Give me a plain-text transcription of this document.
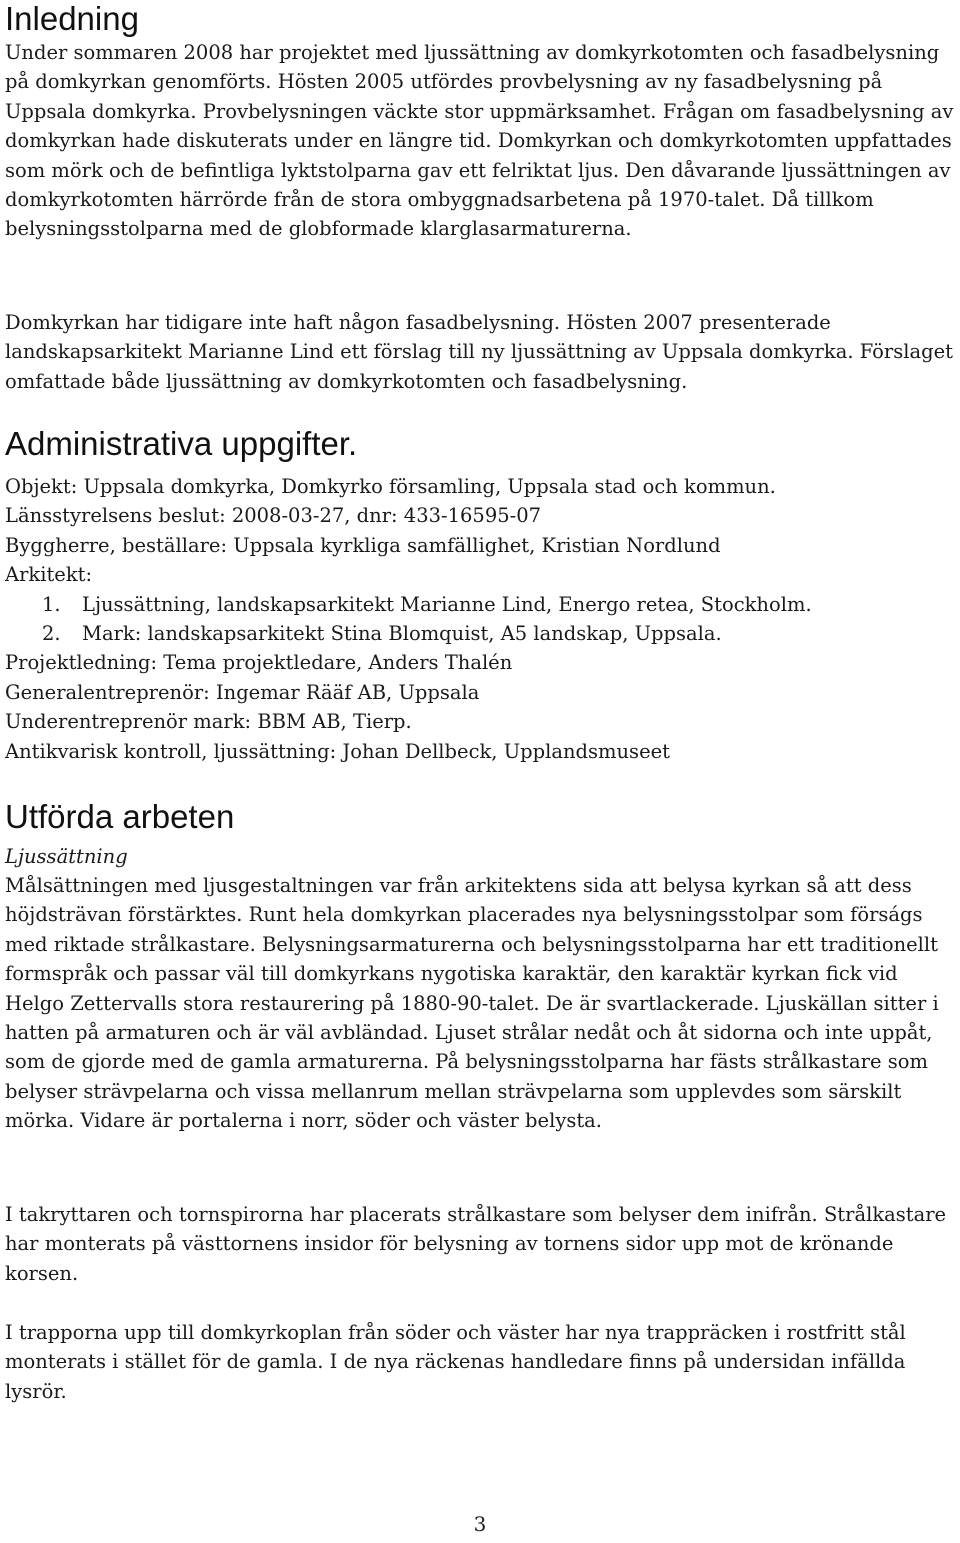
Inledning

Under sommaren 2008 har projektet med ljussättning av domkyrkotomten och fasadbelysning på domkyrkan genomförts. Hösten 2005 utfördes provbelysning av ny fasadbelysning på Uppsala domkyrka. Provbelysningen väckte stor uppmärksamhet. Frågan om fasadbelysning av domkyrkan hade diskuterats under en längre tid. Domkyrkan och domkyrkotomten uppfattades som mörk och de befintliga lyktstolparna gav ett felriktat ljus. Den dåvarande ljussättningen av domkyrkotomten härrörde från de stora ombyggnadsarbetena på 1970-talet. Då tillkom belysningsstolparna med de globformade klarglasarmaturerna.

Domkyrkan har tidigare inte haft någon fasadbelysning. Hösten 2007 presenterade landskapsarkitekt Marianne Lind ett förslag till ny ljussättning av Uppsala domkyrka. Förslaget omfattade både ljussättning av domkyrkotomten och fasadbelysning.

Administrativa uppgifter.
Objekt: Uppsala domkyrka, Domkyrko församling, Uppsala stad och kommun.
Länsstyrelsens beslut: 2008-03-27, dnr: 433-16595-07
Byggherre, beställare: Uppsala kyrkliga samfällighet, Kristian Nordlund
Arkitekt:
1.	Ljussättning, landskapsarkitekt Marianne Lind, Energo retea, Stockholm.
2.	Mark: landskapsarkitekt Stina Blomquist, A5 landskap, Uppsala.
Projektledning: Tema projektledare, Anders Thalén
Generalentreprenör: Ingemar Rääf AB, Uppsala
Underentreprenör mark: BBM AB, Tierp.
Antikvarisk kontroll, ljussättning: Johan Dellbeck, Upplandsmuseet
Utförda arbeten
Ljussättning

Målsättningen med ljusgestaltningen var från arkitektens sida att belysa kyrkan så att dess höjdsträvan förstärktes. Runt hela domkyrkan placerades nya belysningsstolpar som förságs med riktade strålkastare. Belysningsarmaturerna och belysningsstolparna har ett traditionellt formspråk och passar väl till domkyrkans nygotiska karaktär, den karaktär kyrkan fick vid Helgo Zettervalls stora restaurering på 1880-90-talet. De är svartlackerade. Ljuskällan sitter i hatten på armaturen och är väl avbländad. Ljuset strålar nedåt och åt sidorna och inte uppåt, som de gjorde med de gamla armaturerna. På belysningsstolparna har fästs strålkastare som belyser strävpelarna och vissa mellanrum mellan strävpelarna som upplevdes som särskilt mörka. Vidare är portalerna i norr, söder och väster belysta.

I takryttaren och tornspirorna har placerats strålkastare som belyser dem inifrån. Strålkastare har monterats på västtornens insidor för belysning av tornens sidor upp mot de krönande korsen.

I trapporna upp till domkyrkoplan från söder och väster har nya trappräcken i rostfritt stål monterats i stället för de gamla. I de nya räckenas handledare finns på undersidan infällda lysrör.

3
